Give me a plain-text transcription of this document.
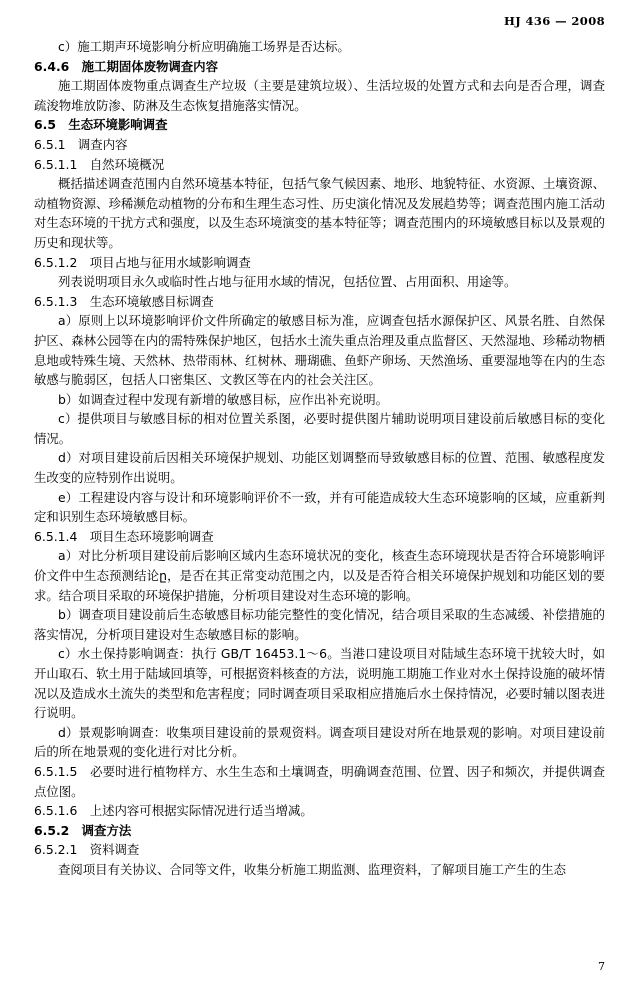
HJ 436 — 2008

c）施工期声环境影响分析应明确施工场界是否达标。

6.4.6　施工期固体废物调查内容

施工期固体废物重点调查生产垃圾（主要是建筑垃圾）、生活垃圾的处置方式和去向是否合理，调查疏浚物堆放防渗、防淋及生态恢复措施落实情况。

6.5　生态环境影响调查

6.5.1　调查内容

6.5.1.1　自然环境概况

概括描述调查范围内自然环境基本特征，包括气象气候因素、地形、地貌特征、水资源、土壤资源、动植物资源、珍稀濒危动植物的分布和生理生态习性、历史演化情况及发展趋势等；调查范围内施工活动对生态环境的干扰方式和强度，以及生态环境演变的基本特征等；调查范围内的环境敏感目标以及景观的历史和现状等。

6.5.1.2　项目占地与征用水域影响调查

列表说明项目永久或临时性占地与征用水域的情况，包括位置、占用面积、用途等。

6.5.1.3　生态环境敏感目标调查

a）原则上以环境影响评价文件所确定的敏感目标为准，应调查包括水源保护区、风景名胜、自然保护区、森林公园等在内的需特殊保护地区，包括水土流失重点治理及重点监督区、天然湿地、珍稀动物栖息地或特殊生境、天然林、热带雨林、红树林、珊瑚礁、鱼虾产卵场、天然渔场、重要湿地等在内的生态敏感与脆弱区，包括人口密集区、文教区等在内的社会关注区。

b）如调查过程中发现有新增的敏感目标，应作出补充说明。

c）提供项目与敏感目标的相对位置关系图，必要时提供图片辅助说明项目建设前后敏感目标的变化情况。

d）对项目建设前后因相关环境保护规划、功能区划调整而导致敏感目标的位置、范围、敏感程度发生改变的应特别作出说明。

e）工程建设内容与设计和环境影响评价不一致，并有可能造成较大生态环境影响的区域，应重新判定和识别生态环境敏感目标。

6.5.1.4　项目生态环境影响调查

a）对比分析项目建设前后影响区域内生态环境状况的变化，核查生态环境现状是否符合环境影响评价文件中生态预测结论ը，是否在其正常变动范围之内，以及是否符合相关环境保护规划和功能区划的要求。结合项目采取的环境保护措施，分析项目建设对生态环境的影响。

b）调查项目建设前后生态敏感目标功能完整性的变化情况，结合项目采取的生态减缓、补偿措施的落实情况，分析项目建设对生态敏感目标的影响。

c）水土保持影响调查：执行 GB/T 16453.1～6。当港口建设项目对陆域生态环境干扰较大时，如开山取石、软土用于陆域回填等，可根据资料核查的方法，说明施工期施工作业对水土保持设施的破坏情况以及造成水土流失的类型和危害程度；同时调查项目采取相应措施后水土保持情况，必要时辅以图表进行说明。

d）景观影响调查：收集项目建设前的景观资料。调查项目建设对所在地景观的影响。对项目建设前后的所在地景观的变化进行对比分析。

6.5.1.5　必要时进行植物样方、水生生态和土壤调查，明确调查范围、位置、因子和频次，并提供调查点位图。

6.5.1.6　上述内容可根据实际情况进行适当增减。

6.5.2　调查方法

6.5.2.1　资料调查

查阅项目有关协议、合同等文件，收集分析施工期监测、监理资料，了解项目施工产生的生态

7
